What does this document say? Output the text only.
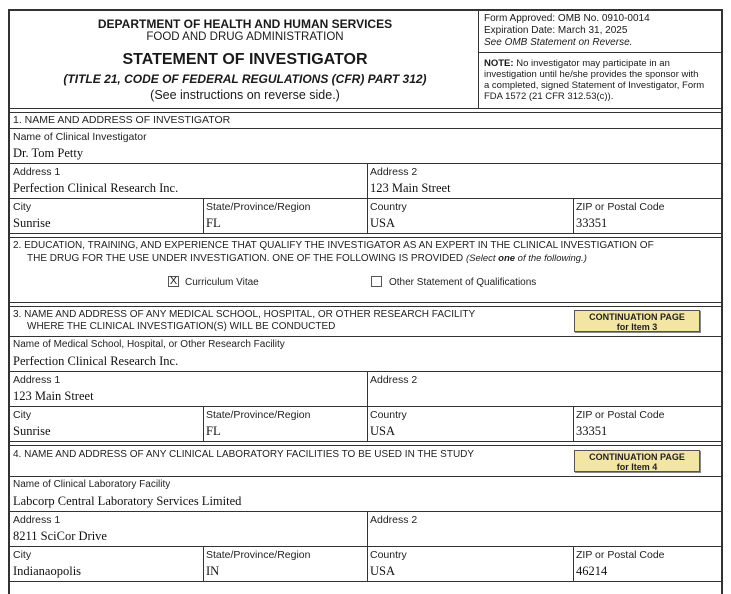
DEPARTMENT OF HEALTH AND HUMAN SERVICES
FOOD AND DRUG ADMINISTRATION
STATEMENT OF INVESTIGATOR
(TITLE 21, CODE OF FEDERAL REGULATIONS (CFR) PART 312)
(See instructions on reverse side.)
Form Approved: OMB No. 0910-0014
Expiration Date: March 31, 2025
See OMB Statement on Reverse.
NOTE: No investigator may participate in an
investigation until he/she provides the sponsor with
a completed, signed Statement of Investigator, Form
FDA 1572 (21 CFR 312.53(c)).
1. NAME AND ADDRESS OF INVESTIGATOR
Name of Clinical Investigator
Dr. Tom Petty
Address 1
Perfection Clinical Research Inc.
Address 2
123 Main Street
City
Sunrise
State/Province/Region
FL
Country
USA
ZIP or Postal Code
33351
2. EDUCATION, TRAINING, AND EXPERIENCE THAT QUALIFY THE INVESTIGATOR AS AN EXPERT IN THE CLINICAL INVESTIGATION OF
THE DRUG FOR THE USE UNDER INVESTIGATION. ONE OF THE FOLLOWING IS PROVIDED (Select one of the following.)
X Curriculum Vitae	Other Statement of Qualifications
3. NAME AND ADDRESS OF ANY MEDICAL SCHOOL, HOSPITAL, OR OTHER RESEARCH FACILITY
WHERE THE CLINICAL INVESTIGATION(S) WILL BE CONDUCTED
CONTINUATION PAGE
for Item 3
Name of Medical School, Hospital, or Other Research Facility
Perfection Clinical Research Inc.
Address 1
123 Main Street
Address 2
City
Sunrise
State/Province/Region
FL
Country
USA
ZIP or Postal Code
33351
4. NAME AND ADDRESS OF ANY CLINICAL LABORATORY FACILITIES TO BE USED IN THE STUDY	CONTINUATION PAGE
for Item 4
Name of Clinical Laboratory Facility
Labcorp Central Laboratory Services Limited
Address 1
8211 SciCor Drive
Address 2
City
Indianaopolis
State/Province/Region
IN
Country
USA
ZIP or Postal Code
46214
